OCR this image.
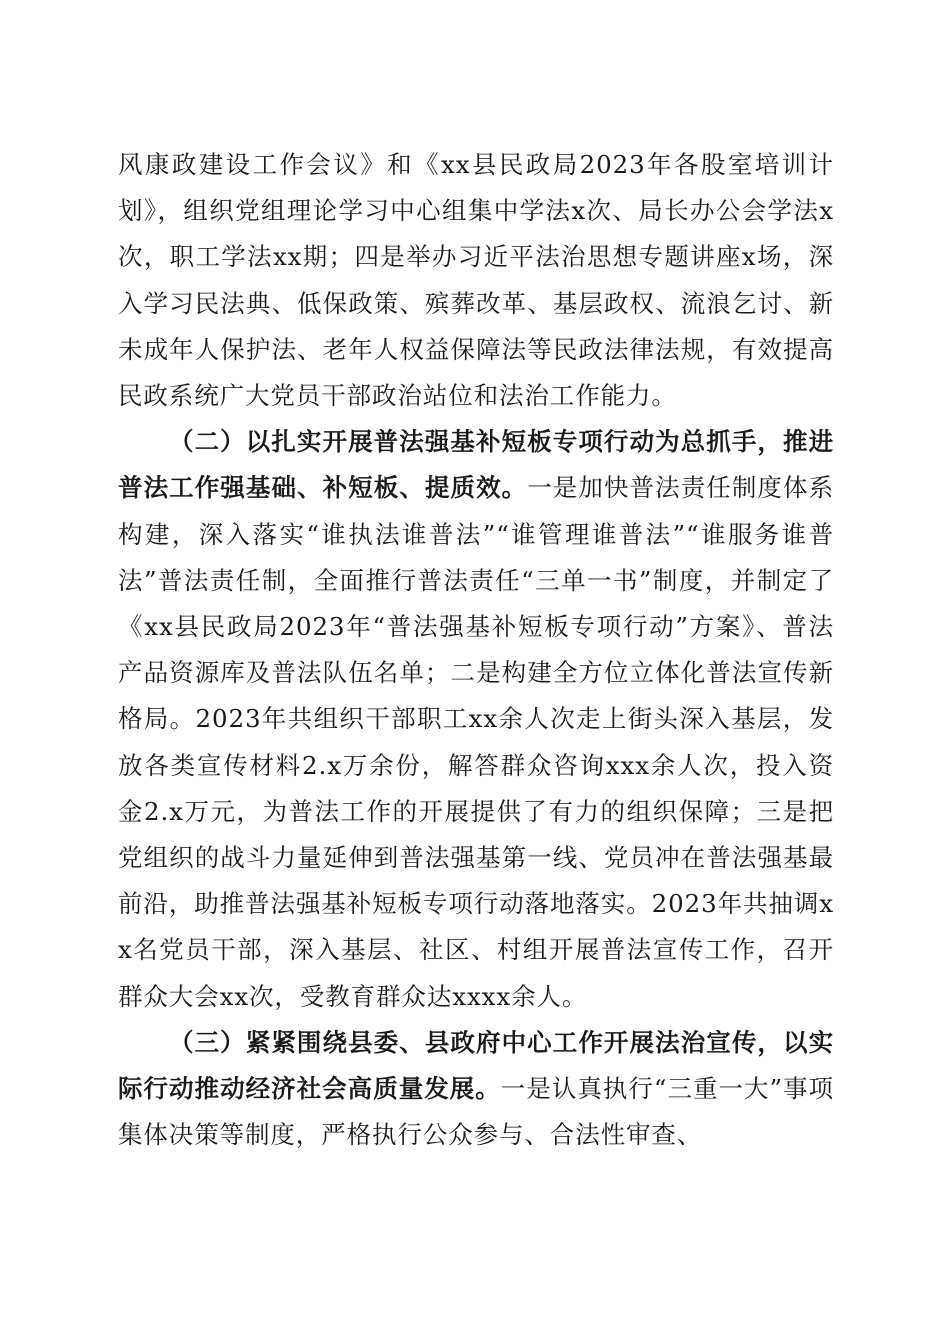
风康政建设工作会议》和《xx县民政局2023年各股室培训计划》，组织党组理论学习中心组集中学法x次、局长办公会学法x次，职工学法xx期；四是举办习近平法治思想专题讲座x场，深入学习民法典、低保政策、殡葬改革、基层政权、流浪乞讨、新未成年人保护法、老年人权益保障法等民政法律法规，有效提高民政系统广大党员干部政治站位和法治工作能力。

（二）以扎实开展普法强基补短板专项行动为总抓手，推进普法工作强基础、补短板、提质效。一是加快普法责任制度体系构建，深入落实“谁执法谁普法”“谁管理谁普法”“谁服务谁普法”普法责任制，全面推行普法责任“三单一书”制度，并制定了《xx县民政局2023年“普法强基补短板专项行动”方案》、普法产品资源库及普法队伍名单；二是构建全方位立体化普法宣传新格局。2023年共组织干部职工xx余人次走上街头深入基层，发放各类宣传材料2.x万余份，解答群众咨询xxx余人次，投入资金2.x万元，为普法工作的开展提供了有力的组织保障；三是把党组织的战斗力量延伸到普法强基第一线、党员冲在普法强基最前沿，助推普法强基补短板专项行动落地落实。2023年共抽调xx名党员干部，深入基层、社区、村组开展普法宣传工作，召开群众大会xx次，受教育群众达xxxx余人。

（三）紧紧围绕县委、县政府中心工作开展法治宣传，以实际行动推动经济社会高质量发展。一是认真执行“三重一大”事项集体决策等制度，严格执行公众参与、合法性审查、
